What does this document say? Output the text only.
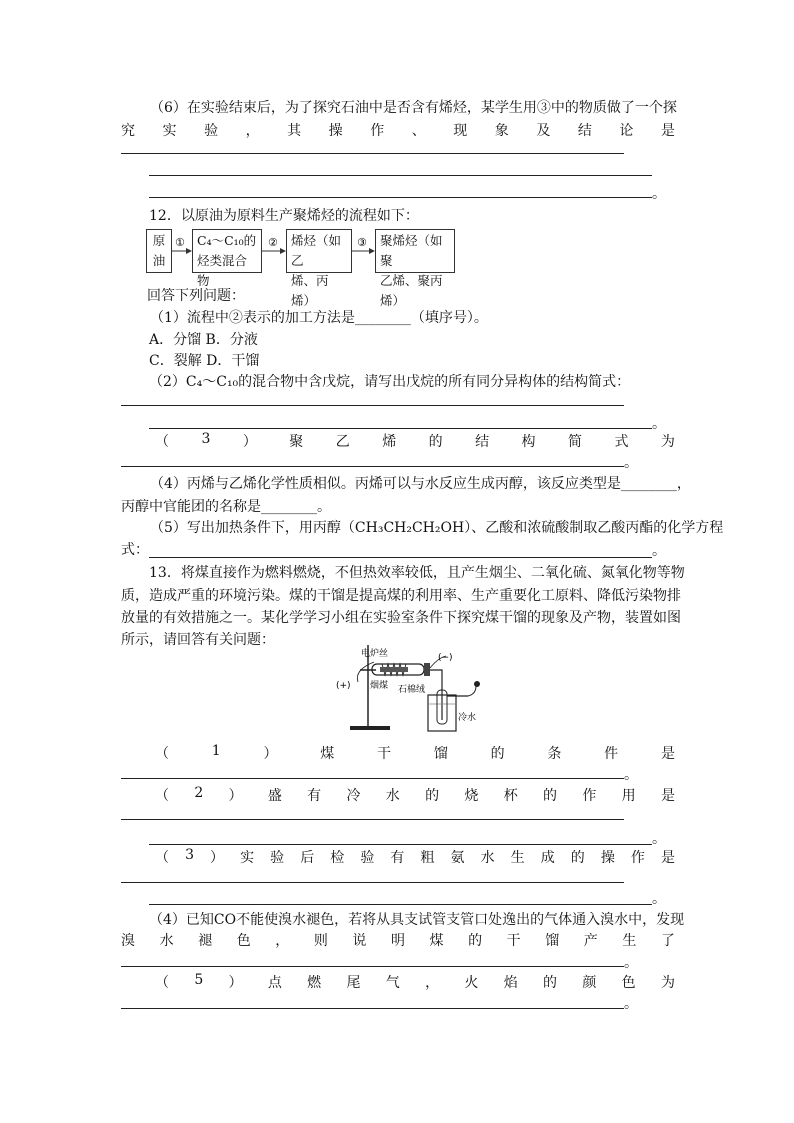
（6）在实验结束后，为了探究石油中是否含有烯烃，某学生用③中的物质做了一个探
究 实 验 ， 其 操 作 、 现 象 及 结 论 是
。
12．以原油为原料生产聚烯烃的流程如下：
原
油
C₄～C₁₀的
烃类混合物
烯烃（如乙
烯、丙烯）
聚烯烃（如聚
乙烯、聚丙烯）
①	②	③
回答下列问题：
（1）流程中②表示的加工方法是________（填序号）。
A．分馏 B．分液
C．裂解 D．干馏
（2）C₄～C₁₀的混合物中含戊烷，请写出戊烷的所有同分异构体的结构简式：
。
（ 3 ） 聚 乙 烯 的 结 构 简 式 为
。
（4）丙烯与乙烯化学性质相似。丙烯可以与水反应生成丙醇，该反应类型是________，
丙醇中官能团的名称是________。
（5）写出加热条件下，用丙醇（CH₃CH₂CH₂OH）、乙酸和浓硫酸制取乙酸丙酯的化学方程
式：	。
13．将煤直接作为燃料燃烧，不但热效率较低，且产生烟尘、二氧化硫、氮氧化物等物
质，造成严重的环境污染。煤的干馏是提高煤的利用率、生产重要化工原料、降低污染物排
放量的有效措施之一。某化学学习小组在实验室条件下探究煤干馏的现象及产物，装置如图
所示，请回答有关问题：
电炉丝	(−)
(+) 烟煤 石棉绒
冷水
（	1	）	煤	干	馏	的	条	件	是
。
（ 2 ） 盛 有 冷 水 的 烧 杯 的 作 用 是
。
（ 3 ） 实 验 后 检 验 有 粗 氨 水 生 成 的 操 作 是
。
（4）已知CO不能使溴水褪色，若将从具支试管支管口处逸出的气体通入溴水中，发现
溴 水 褪 色 ， 则 说 明 煤 的 干 馏 产 生 了
。
（ 5 ） 点 燃 尾 气 ， 火 焰 的 颜 色 为
。
